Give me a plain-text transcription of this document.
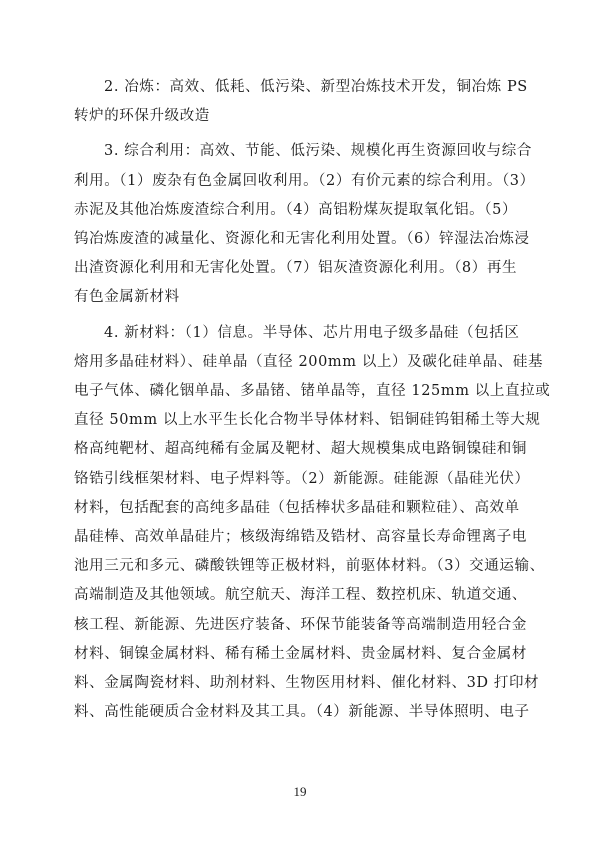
2. 冶炼：高效、低耗、低污染、新型冶炼技术开发，铜冶炼 PS
转炉的环保升级改造

3. 综合利用：高效、节能、低污染、规模化再生资源回收与综合
利用。（1）废杂有色金属回收利用。（2）有价元素的综合利用。（3）
赤泥及其他冶炼废渣综合利用。（4）高铝粉煤灰提取氧化铝。（5）
钨冶炼废渣的减量化、资源化和无害化利用处置。（6）锌湿法冶炼浸
出渣资源化利用和无害化处置。（7）铝灰渣资源化利用。（8）再生
有色金属新材料

4. 新材料：（1）信息。半导体、芯片用电子级多晶硅（包括区
熔用多晶硅材料）、硅单晶（直径 200mm 以上）及碳化硅单晶、硅基
电子气体、磷化铟单晶、多晶锗、锗单晶等，直径 125mm 以上直拉或
直径 50mm 以上水平生长化合物半导体材料、铝铜硅钨钼稀土等大规
格高纯靶材、超高纯稀有金属及靶材、超大规模集成电路铜镍硅和铜
铬锆引线框架材料、电子焊料等。（2）新能源。硅能源（晶硅光伏）
材料，包括配套的高纯多晶硅（包括棒状多晶硅和颗粒硅）、高效单
晶硅棒、高效单晶硅片；核级海绵锆及锆材、高容量长寿命锂离子电
池用三元和多元、磷酸铁锂等正极材料，前驱体材料。（3）交通运输、
高端制造及其他领域。航空航天、海洋工程、数控机床、轨道交通、
核工程、新能源、先进医疗装备、环保节能装备等高端制造用轻合金
材料、铜镍金属材料、稀有稀土金属材料、贵金属材料、复合金属材
料、金属陶瓷材料、助剂材料、生物医用材料、催化材料、3D 打印材
料、高性能硬质合金材料及其工具。（4）新能源、半导体照明、电子

19
